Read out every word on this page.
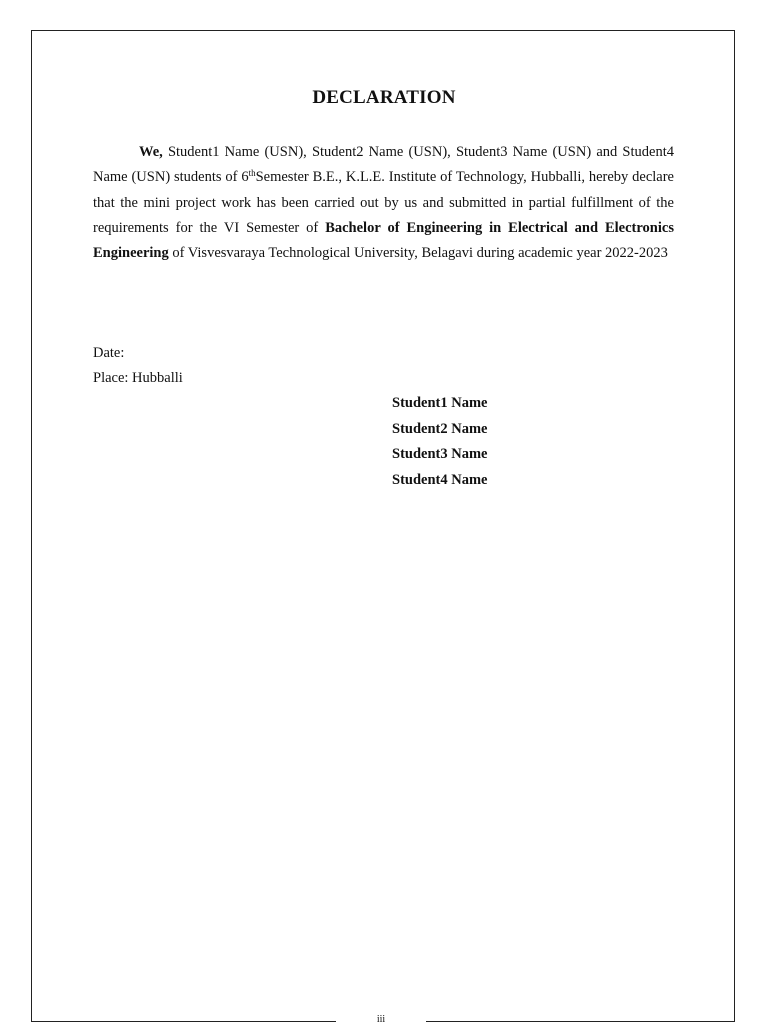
DECLARATION
We, Student1 Name (USN), Student2 Name (USN), Student3 Name (USN) and Student4 Name (USN) students of 6thSemester B.E., K.L.E. Institute of Technology, Hubballi, hereby declare that the mini project work has been carried out by us and submitted in partial fulfillment of the requirements for the VI Semester of Bachelor of Engineering in Electrical and Electronics Engineering of Visvesvaraya Technological University, Belagavi during academic year 2022-2023
Date:
Place: Hubballi
Student1 Name
Student2 Name
Student3 Name
Student4 Name
iii
